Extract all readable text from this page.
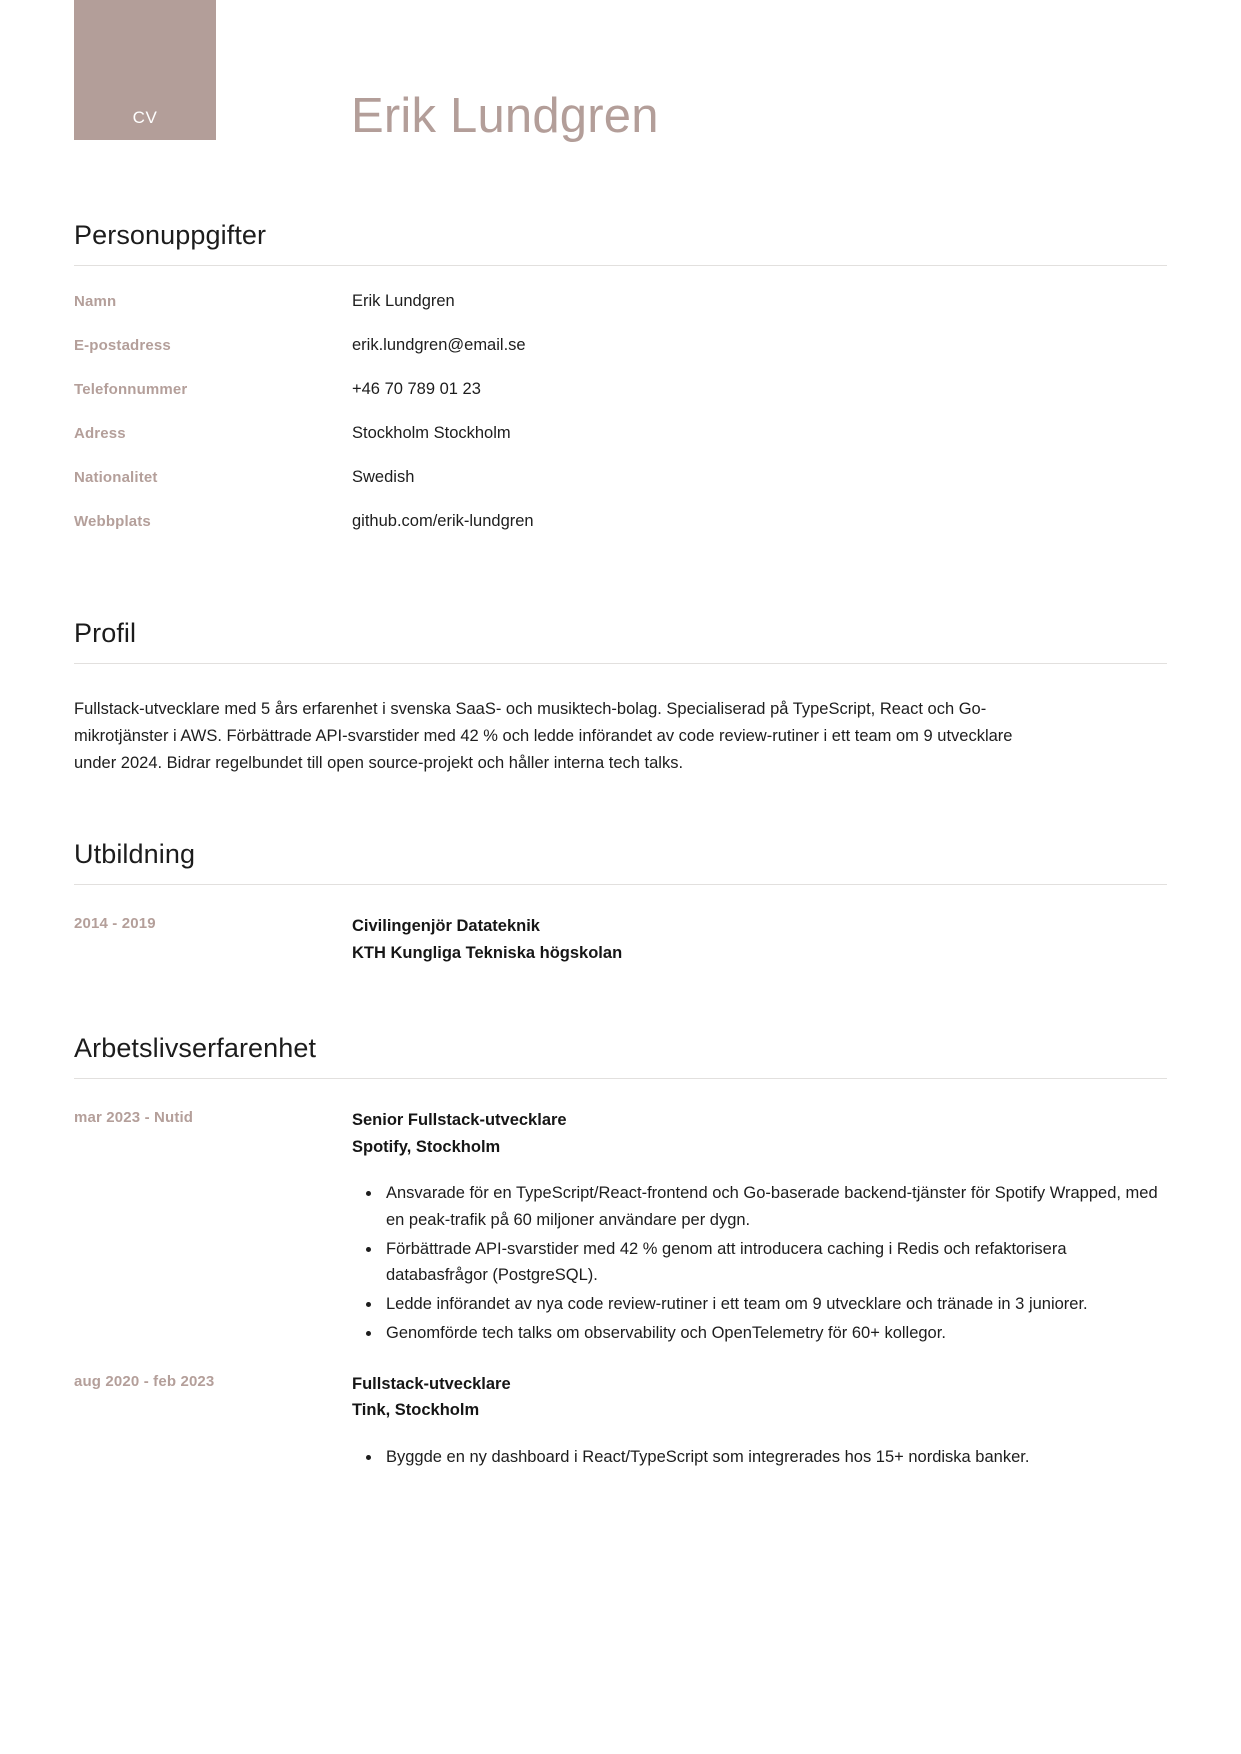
CV	Erik Lundgren
Personuppgifter
Namn	Erik Lundgren
E-postadress	erik.lundgren@email.se
Telefonnummer	+46 70 789 01 23
Adress	Stockholm Stockholm
Nationalitet	Swedish
Webbplats	github.com/erik-lundgren
Profil

Fullstack-utvecklare med 5 års erfarenhet i svenska SaaS- och musiktech-bolag. Specialiserad på TypeScript, React och Go-mikrotjänster i AWS. Förbättrade API-svarstider med 42 % och ledde införandet av code review-rutiner i ett team om 9 utvecklare under 2024. Bidrar regelbundet till open source-projekt och håller interna tech talks.

Utbildning
2014 - 2019	Civilingenjör Datateknik
KTH Kungliga Tekniska högskolan
Arbetslivserfarenhet
mar 2023 - Nutid	Senior Fullstack-utvecklare
Spotify, Stockholm
Ansvarade för en TypeScript/React-frontend och Go-baserade backend-tjänster för Spotify Wrapped, med en peak-trafik på 60 miljoner användare per dygn.
Förbättrade API-svarstider med 42 % genom att introducera caching i Redis och refaktorisera databasfrågor (PostgreSQL).
Ledde införandet av nya code review-rutiner i ett team om 9 utvecklare och tränade in 3 juniorer.
Genomförde tech talks om observability och OpenTelemetry för 60+ kollegor.
aug 2020 - feb 2023	Fullstack-utvecklare
Tink, Stockholm
Byggde en ny dashboard i React/TypeScript som integrerades hos 15+ nordiska banker.
